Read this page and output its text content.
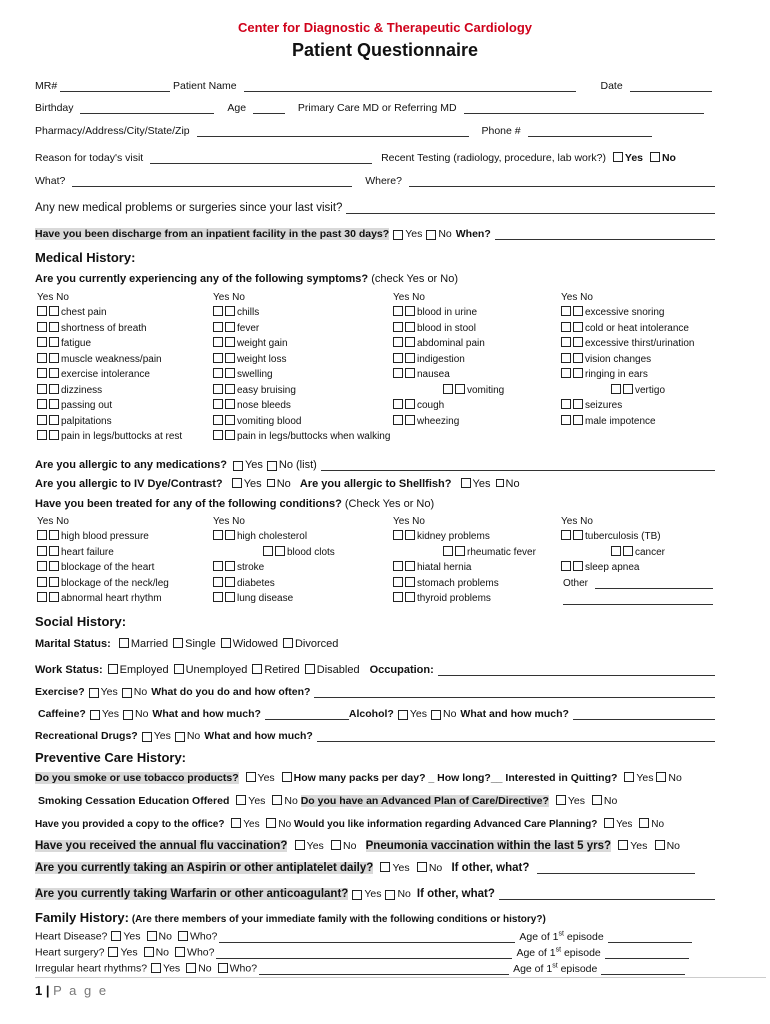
Center for Diagnostic & Therapeutic Cardiology
Patient Questionnaire
MR#	Patient Name	Date
Birthday	Age	Primary Care MD or Referring MD
Pharmacy/Address/City/State/Zip	Phone #
Reason for today's visit	Recent Testing (radiology, procedure, lab work?) Yes No
What?	Where?
Any new medical problems or surgeries since your last visit?
Have you been discharge from an inpatient facility in the past 30 days? Yes No When?
Medical History:
Are you currently experiencing any of the following symptoms? (check Yes or No)
Yes No
chest pain
shortness of breath
fatigue
muscle weakness/pain
exercise intolerance
dizziness
passing out
palpitations
pain in legs/buttocks at rest
Yes No
chills
fever
weight gain
weight loss
swelling
easy bruising
nose bleeds
vomiting blood
pain in legs/buttocks when walking
Yes No
blood in urine
blood in stool
abdominal pain
indigestion
nausea
vomiting
cough
wheezing
Yes No
excessive snoring
cold or heat intolerance
excessive thirst/urination
vision changes
ringing in ears
vertigo
seizures
male impotence
Are you allergic to any medications? Yes No (list)
Are you allergic to IV Dye/Contrast? Yes No Are you allergic to Shellfish? Yes No
Have you been treated for any of the following conditions? (Check Yes or No)
Yes No
high blood pressure
heart failure
blockage of the heart
blockage of the neck/leg
abnormal heart rhythm
Yes No
high cholesterol
blood clots
stroke
diabetes
lung disease
Yes No
kidney problems
rheumatic fever
hiatal hernia
stomach problems
thyroid problems
Yes No
tuberculosis (TB)
cancer
sleep apnea
Other
Social History:
Marital Status: Married Single Widowed Divorced
Work Status: Employed Unemployed Retired Disabled Occupation:
Exercise? Yes No What do you do and how often?
Caffeine? Yes No What and how much?	Alcohol? Yes No What and how much?
Recreational Drugs? Yes No What and how much?
Preventive Care History:
Do you smoke or use tobacco products? Yes How many packs per day? _ How long?__ Interested in Quitting? Yes No
Smoking Cessation Education Offered Yes No Do you have an Advanced Plan of Care/Directive? Yes No
Have you provided a copy to the office? Yes No Would you like information regarding Advanced Care Planning? Yes No
Have you received the annual flu vaccination? Yes No Pneumonia vaccination within the last 5 yrs? Yes No
Are you currently taking an Aspirin or other antiplatelet daily? Yes No If other, what?
Are you currently taking Warfarin or other anticoagulant? Yes No If other, what?
Family History: (Are there members of your immediate family with the following conditions or history?)
Heart Disease? Yes No Who?	Age of 1st episode
Heart surgery? Yes No Who?	Age of 1st episode
Irregular heart rhythms? Yes No Who?	Age of 1st episode
1 | P a g e
